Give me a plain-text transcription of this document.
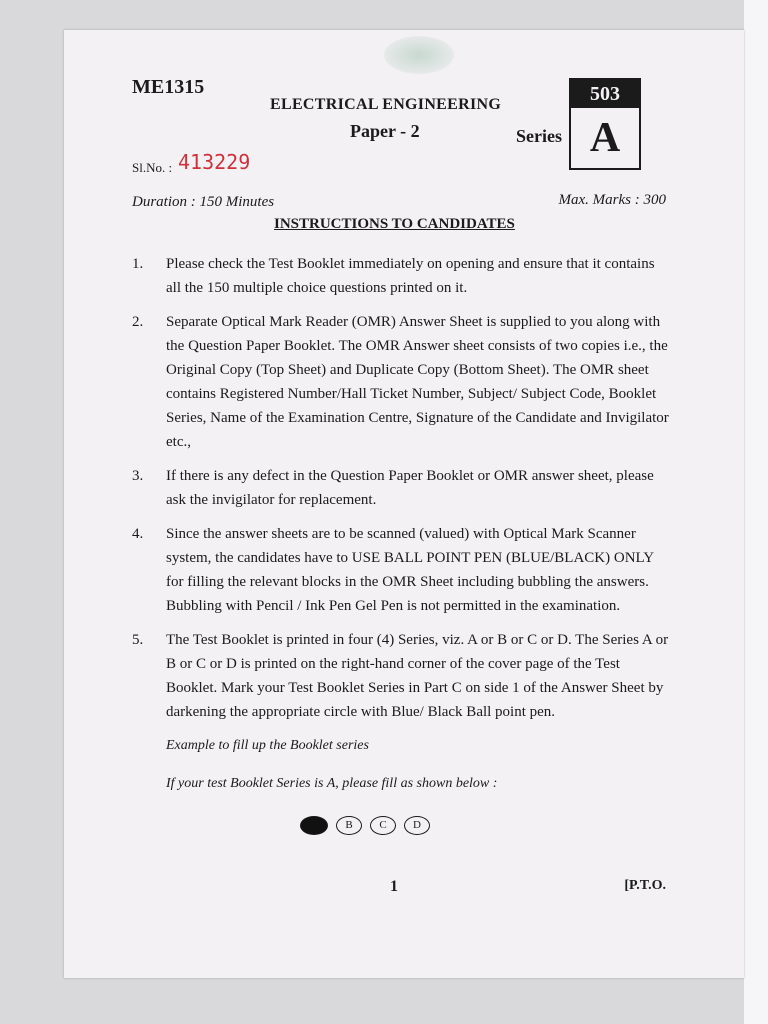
ME1315
ELECTRICAL ENGINEERING
Paper - 2	Series
503
A
Sl.No. : 413229
Duration : 150 Minutes	Max. Marks : 300
INSTRUCTIONS TO CANDIDATES
1. Please check the Test Booklet immediately on opening and ensure that it contains all the 150 multiple choice questions printed on it.
2. Separate Optical Mark Reader (OMR) Answer Sheet is supplied to you along with the Question Paper Booklet. The OMR Answer sheet consists of two copies i.e., the Original Copy (Top Sheet) and Duplicate Copy (Bottom Sheet). The OMR sheet contains Registered Number/Hall Ticket Number, Subject/ Subject Code, Booklet Series, Name of the Examination Centre, Signature of the Candidate and Invigilator etc.,
3. If there is any defect in the Question Paper Booklet or OMR answer sheet, please ask the invigilator for replacement.
4. Since the answer sheets are to be scanned (valued) with Optical Mark Scanner system, the candidates have to USE BALL POINT PEN (BLUE/BLACK) ONLY for filling the relevant blocks in the OMR Sheet including bubbling the answers. Bubbling with Pencil / Ink Pen Gel Pen is not permitted in the examination.
5. The Test Booklet is printed in four (4) Series, viz. A or B or C or D. The Series A or B or C or D is printed on the right-hand corner of the cover page of the Test Booklet. Mark your Test Booklet Series in Part C on side 1 of the Answer Sheet by darkening the appropriate circle with Blue/ Black Ball point pen.
Example to fill up the Booklet series
If your test Booklet Series is A, please fill as shown below :
B	C	D
1	[P.T.O.
